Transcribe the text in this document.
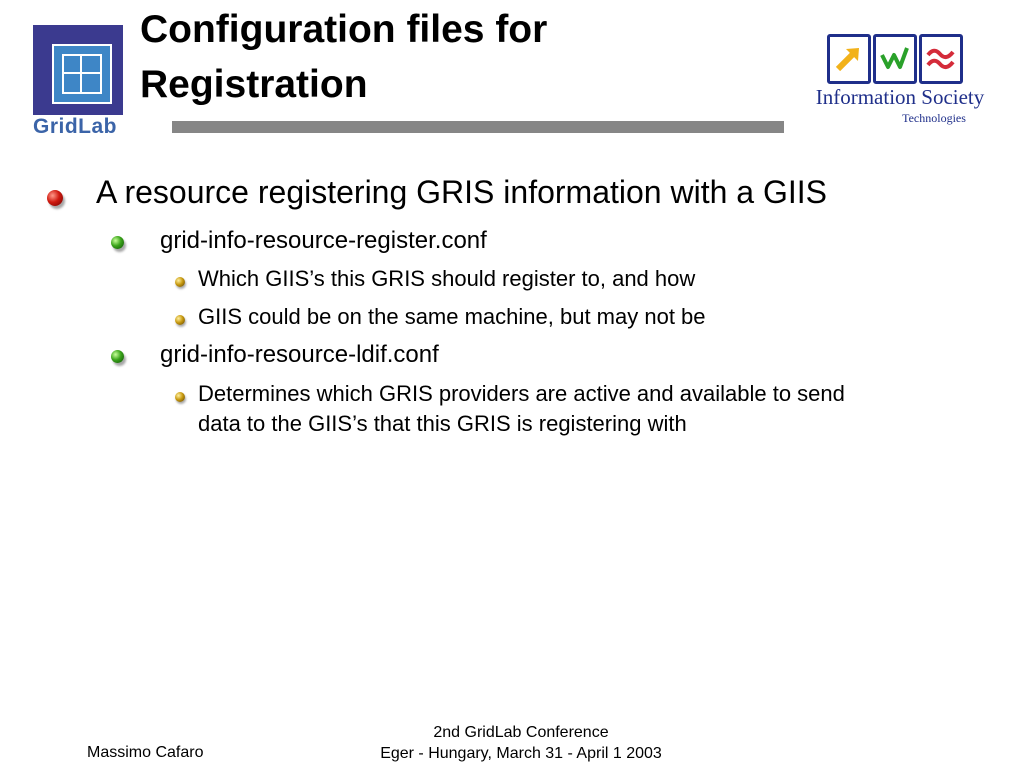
GridLab
Configuration files for
Registration	Information Society
Technologies
A resource registering GRIS information with a GIIS
grid-info-resource-register.conf
Which GIIS’s this GRIS should register to, and how
GIIS could be on the same machine, but may not be
grid-info-resource-ldif.conf
Determines which GRIS providers are active and available to send
data to the GIIS’s that this GRIS is registering with
Massimo Cafaro
2nd GridLab Conference
Eger - Hungary, March 31 - April 1 2003
